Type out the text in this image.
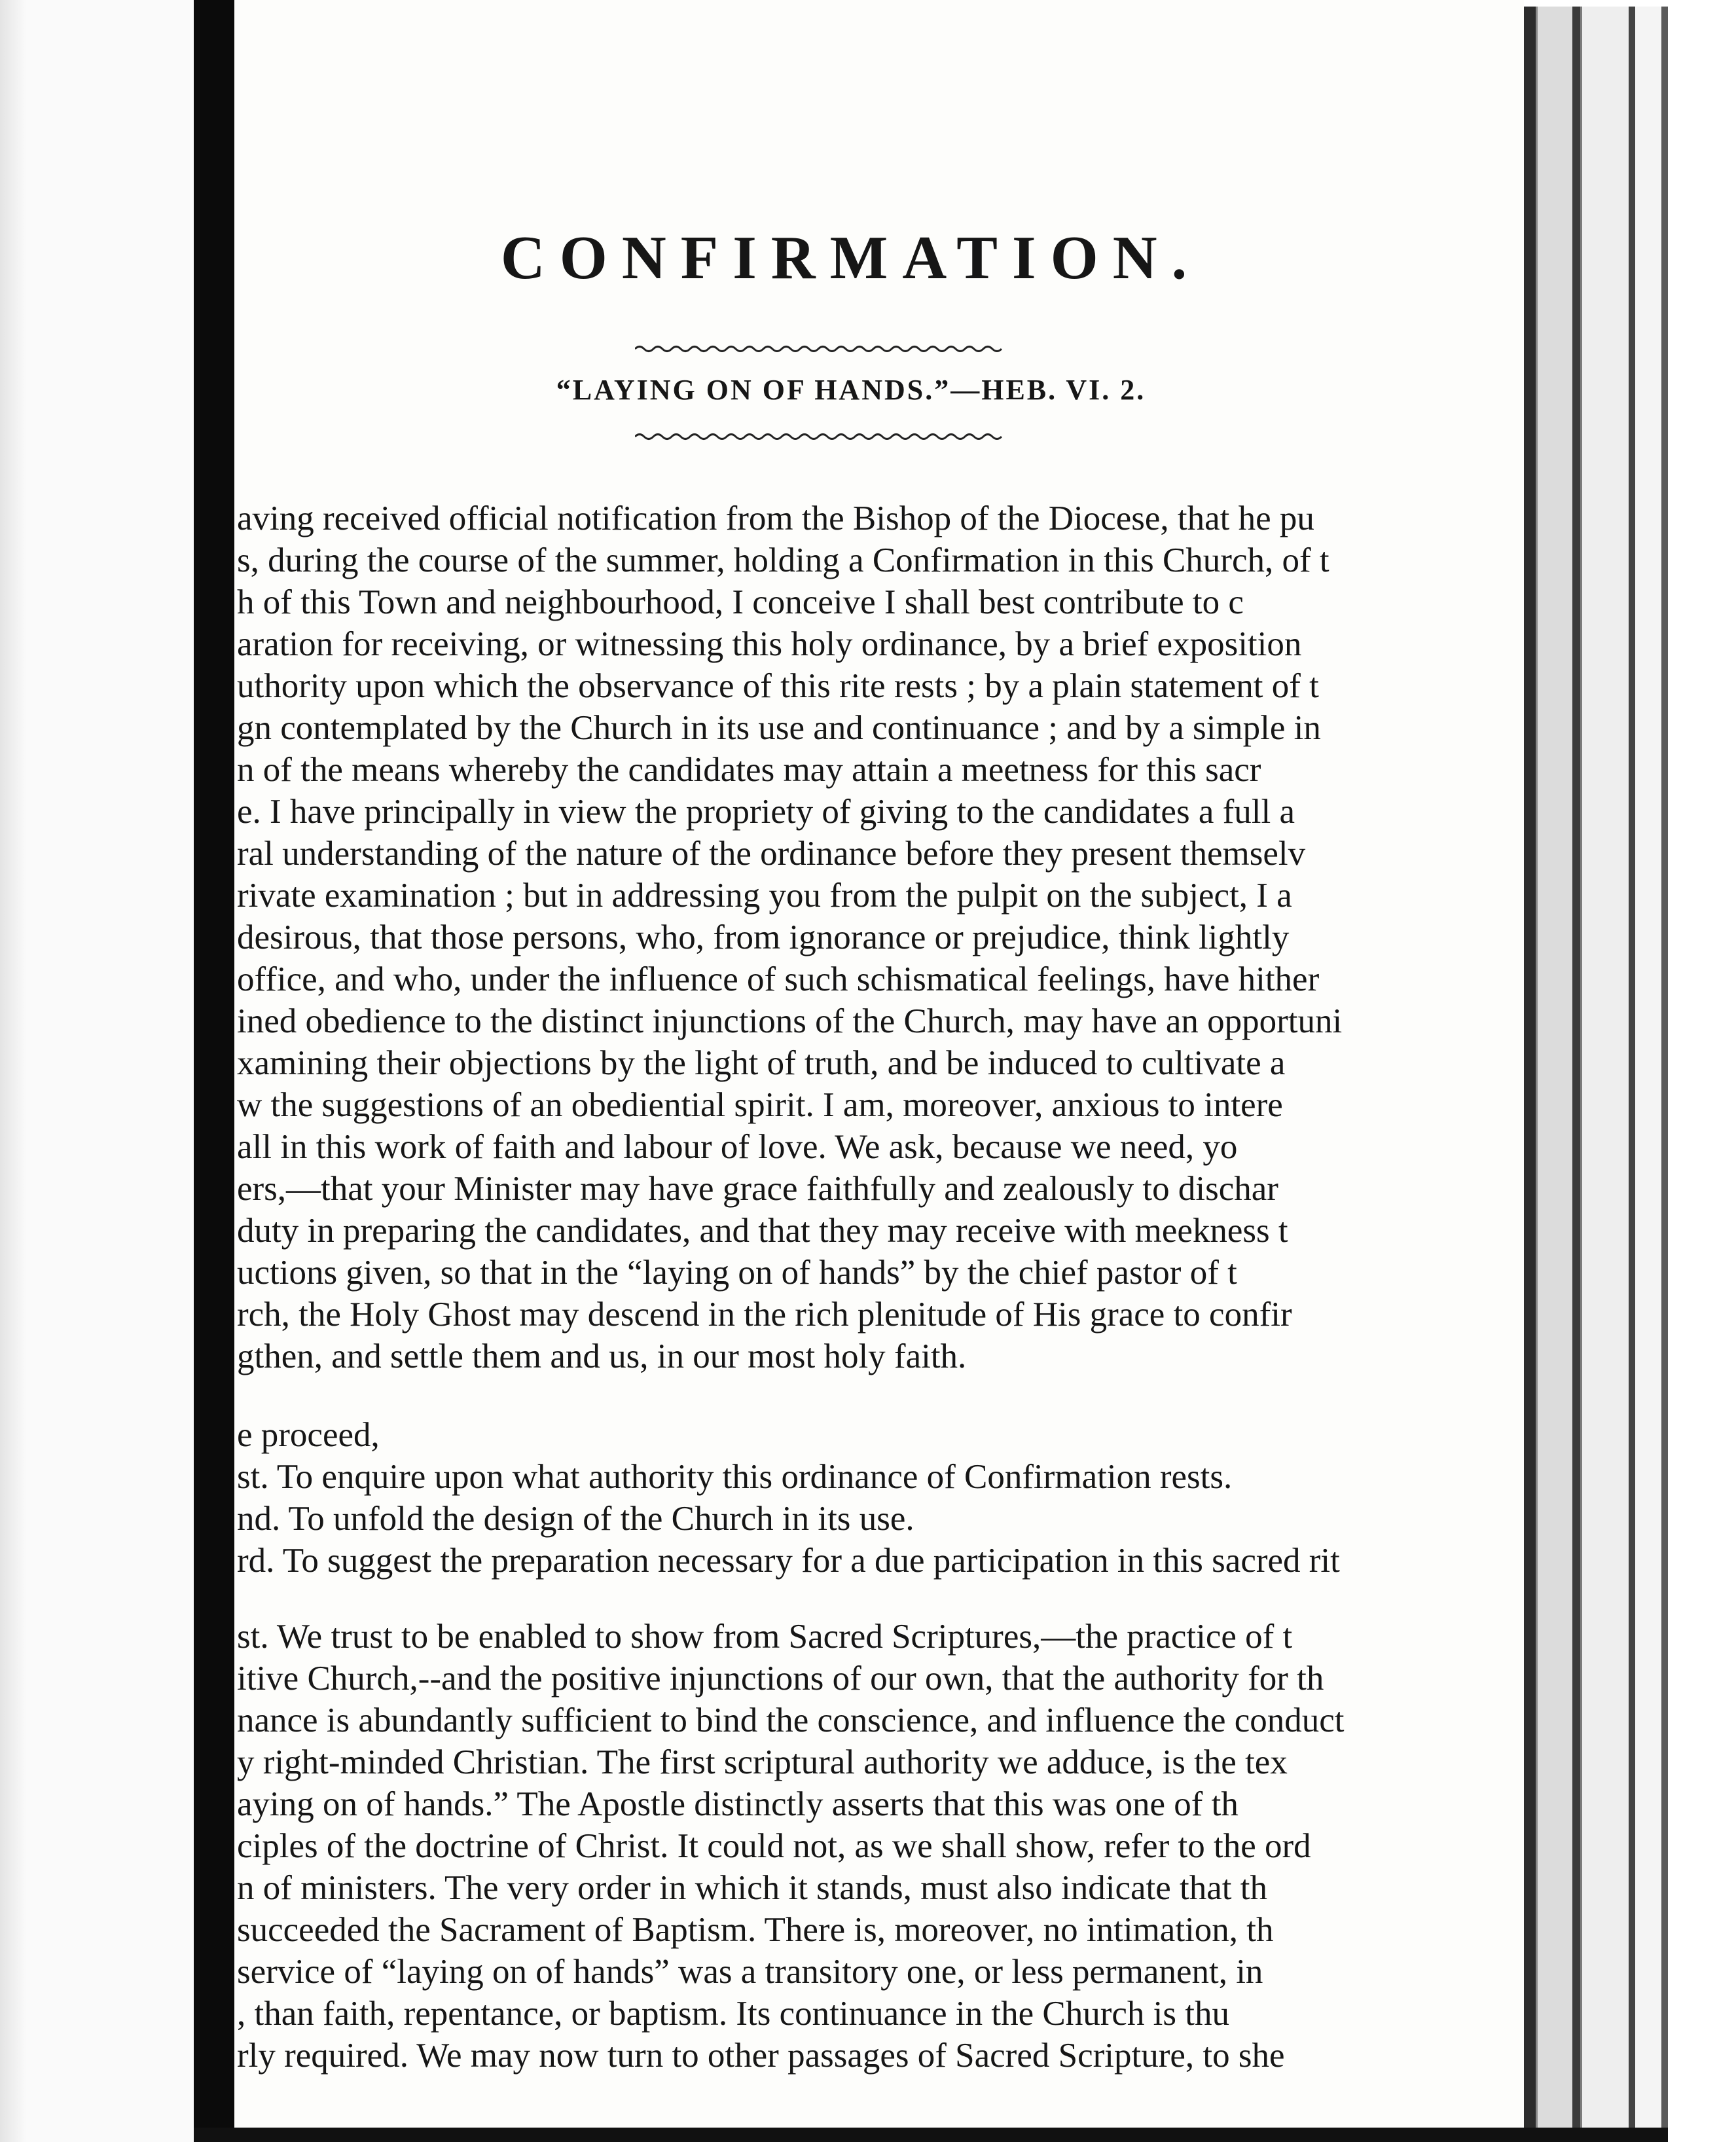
CONFIRMATION.
“LAYING ON OF HANDS.”—HEB. VI. 2.
aving received official notification from the Bishop of the Diocese, that he pu
s, during the course of the summer, holding a Confirmation in this Church, of t
h of this Town and neighbourhood, I conceive I shall best contribute to c
aration for receiving, or witnessing this holy ordinance, by a brief exposition
uthority upon which the observance of this rite rests ; by a plain statement of t
gn contemplated by the Church in its use and continuance ; and by a simple in
n of the means whereby the candidates may attain a meetness for this sacr
e. I have principally in view the propriety of giving to the candidates a full a
ral understanding of the nature of the ordinance before they present themselv
rivate examination ; but in addressing you from the pulpit on the subject, I a
desirous, that those persons, who, from ignorance or prejudice, think lightly
office, and who, under the influence of such schismatical feelings, have hither
ined obedience to the distinct injunctions of the Church, may have an opportuni
xamining their objections by the light of truth, and be induced to cultivate a
w the suggestions of an obediential spirit. I am, moreover, anxious to intere
all in this work of faith and labour of love. We ask, because we need, yo
ers,—that your Minister may have grace faithfully and zealously to dischar
duty in preparing the candidates, and that they may receive with meekness t
uctions given, so that in the “laying on of hands” by the chief pastor of t
rch, the Holy Ghost may descend in the rich plenitude of His grace to confir
gthen, and settle them and us, in our most holy faith.
e proceed,
st. To enquire upon what authority this ordinance of Confirmation rests.
nd. To unfold the design of the Church in its use.
rd. To suggest the preparation necessary for a due participation in this sacred rit
st. We trust to be enabled to show from Sacred Scriptures,—the practice of t
itive Church,--and the positive injunctions of our own, that the authority for th
nance is abundantly sufficient to bind the conscience, and influence the conduct
y right-minded Christian. The first scriptural authority we adduce, is the tex
aying on of hands.” The Apostle distinctly asserts that this was one of th
ciples of the doctrine of Christ. It could not, as we shall show, refer to the ord
n of ministers. The very order in which it stands, must also indicate that th
succeeded the Sacrament of Baptism. There is, moreover, no intimation, th
service of “laying on of hands” was a transitory one, or less permanent, in
, than faith, repentance, or baptism. Its continuance in the Church is thu
rly required. We may now turn to other passages of Sacred Scripture, to she
